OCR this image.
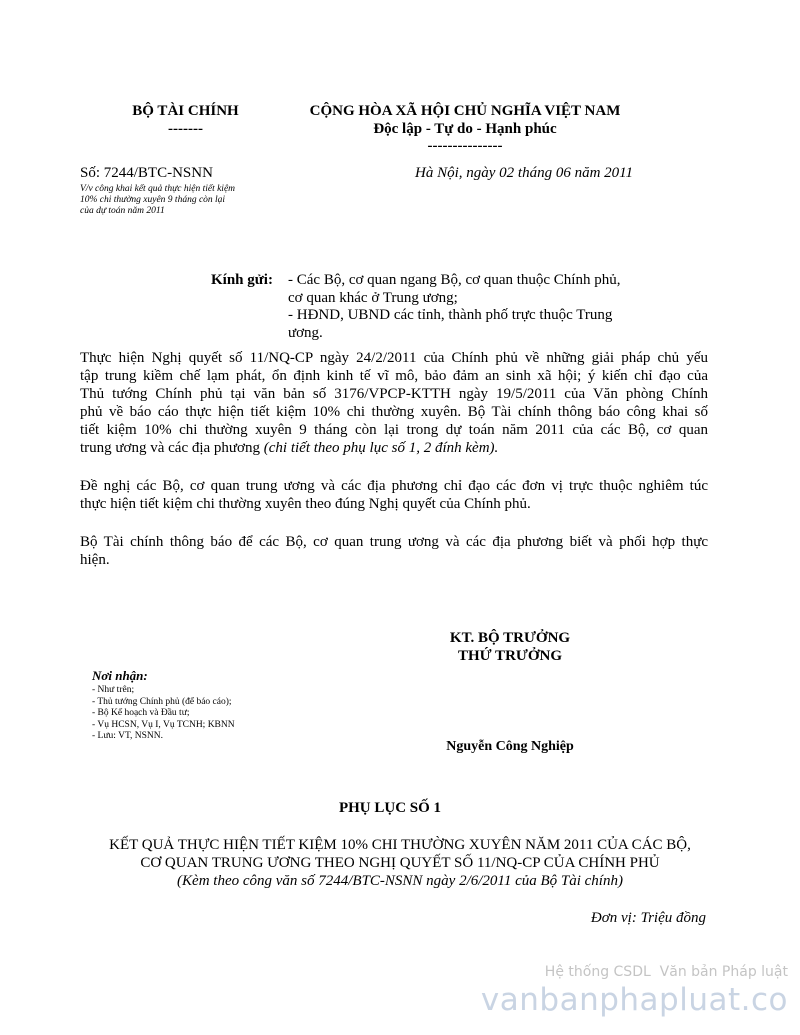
BỘ TÀI CHÍNH
-------
CỘNG HÒA XÃ HỘI CHỦ NGHĨA VIỆT NAM
Độc lập - Tự do - Hạnh phúc
---------------
Số: 7244/BTC-NSNN	Hà Nội, ngày 02 tháng 06 năm 2011
V/v công khai kết quả thực hiện tiết kiệm
10% chi thường xuyên 9 tháng còn lại
của dự toán năm 2011
Kính gửi: - Các Bộ, cơ quan ngang Bộ, cơ quan thuộc Chính phủ,
cơ quan khác ở Trung ương;
- HĐND, UBND các tỉnh, thành phố trực thuộc Trung
ương.
Thực hiện Nghị quyết số 11/NQ-CP ngày 24/2/2011 của Chính phủ về những giải pháp chủ yếu
tập trung kiềm chế lạm phát, ổn định kinh tế vĩ mô, bảo đảm an sinh xã hội; ý kiến chỉ đạo của
Thủ tướng Chính phủ tại văn bản số 3176/VPCP-KTTH ngày 19/5/2011 của Văn phòng Chính
phủ về báo cáo thực hiện tiết kiệm 10% chi thường xuyên. Bộ Tài chính thông báo công khai số
tiết kiệm 10% chi thường xuyên 9 tháng còn lại trong dự toán năm 2011 của các Bộ, cơ quan
trung ương và các địa phương (chi tiết theo phụ lục số 1, 2 đính kèm).
Đề nghị các Bộ, cơ quan trung ương và các địa phương chỉ đạo các đơn vị trực thuộc nghiêm túc
thực hiện tiết kiệm chi thường xuyên theo đúng Nghị quyết của Chính phủ.
Bộ Tài chính thông báo để các Bộ, cơ quan trung ương và các địa phương biết và phối hợp thực
hiện.
KT. BỘ TRƯỞNG
THỨ TRƯỞNG
Nguyễn Công Nghiệp
Nơi nhận:
- Như trên;
- Thủ tướng Chính phủ (để báo cáo);
- Bộ Kế hoạch và Đầu tư;
- Vụ HCSN, Vụ I, Vụ TCNH; KBNN
- Lưu: VT, NSNN.
PHỤ LỤC SỐ 1
KẾT QUẢ THỰC HIỆN TIẾT KIỆM 10% CHI THƯỜNG XUYÊN NĂM 2011 CỦA CÁC BỘ,
CƠ QUAN TRUNG ƯƠNG THEO NGHỊ QUYẾT SỐ 11/NQ-CP CỦA CHÍNH PHỦ
(Kèm theo công văn số 7244/BTC-NSNN ngày 2/6/2011 của Bộ Tài chính)
Đơn vị: Triệu đồng
Hệ thống CSDL  Văn bản Pháp luật
vanbanphapluat.co
